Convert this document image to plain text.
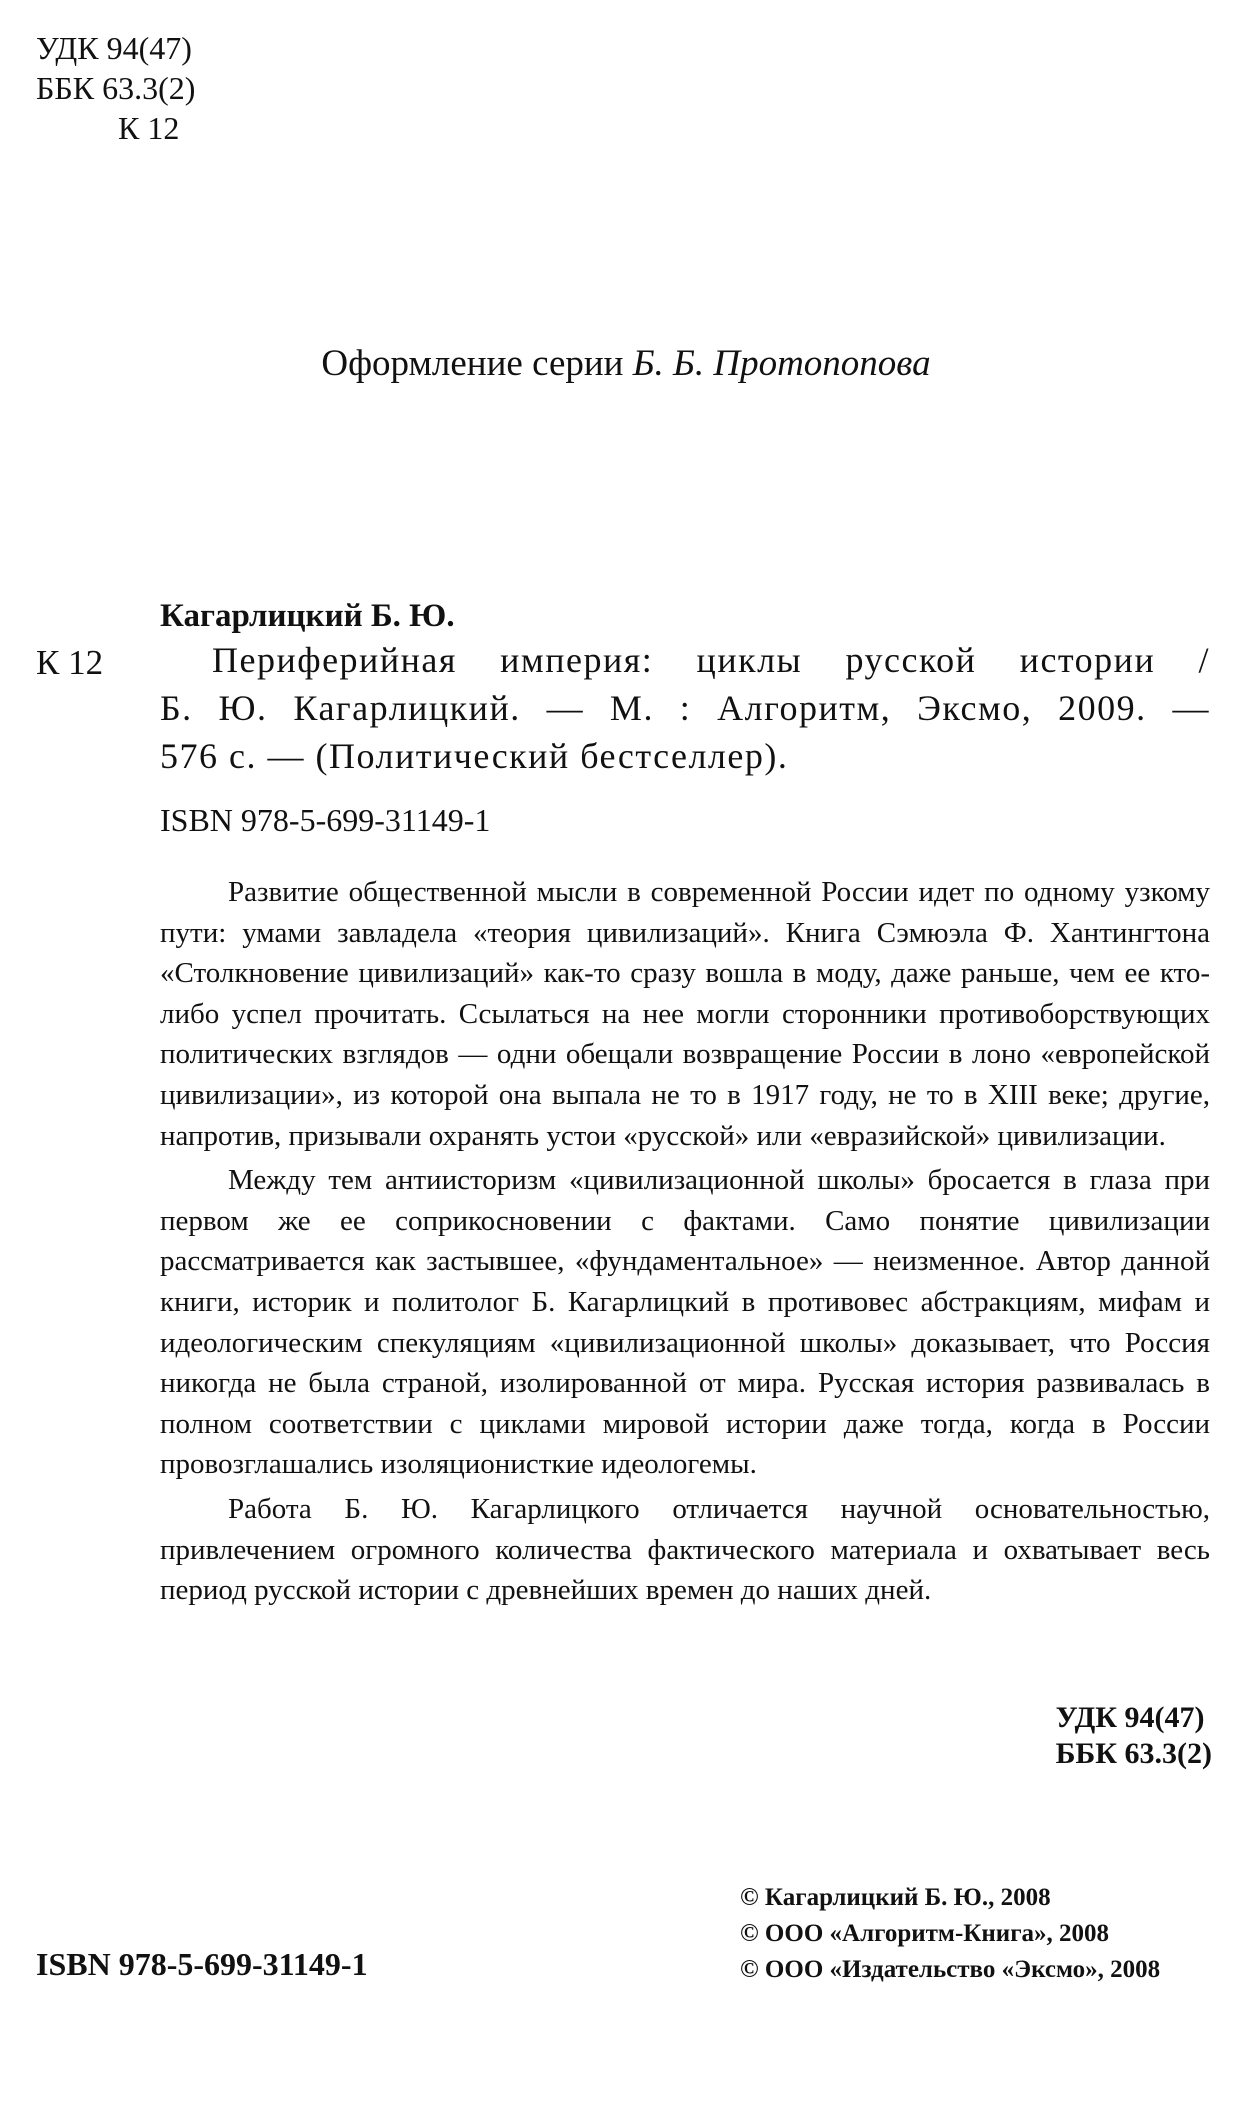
УДК 94(47)
ББК 63.3(2)
К 12
Оформление серии Б. Б. Протопопова
Кагарлицкий Б. Ю.
К 12	Периферийная империя: циклы русской истории /
Б. Ю. Кагарлицкий. — М. : Алгоритм, Эксмо, 2009. —
576 с. — (Политический бестселлер).
ISBN 978-5-699-31149-1

Развитие общественной мысли в современной России идет по одному узкому пути: умами завладела «теория цивилизаций». Книга Сэмюэла Ф. Хантингтона «Столкновение цивилизаций» как-то сразу вошла в моду, даже раньше, чем ее кто-либо успел прочитать. Ссылаться на нее могли сторонники противоборствующих политических взглядов — одни обещали возвращение России в лоно «европейской цивилизации», из которой она выпала не то в 1917 году, не то в XIII веке; другие, напротив, призывали охранять устои «русской» или «евразийской» цивилизации.

Между тем антиисторизм «цивилизационной школы» бросается в глаза при первом же ее соприкосновении с фактами. Само понятие цивилизации рассматривается как застывшее, «фундаментальное» — неизменное. Автор данной книги, историк и политолог Б. Кагарлицкий в противовес абстракциям, мифам и идеологическим спекуляциям «цивилизационной школы» доказывает, что Россия никогда не была страной, изолированной от мира. Русская история развивалась в полном соответствии с циклами мировой истории даже тогда, когда в России провозглашались изоляционисткие идеологемы.

Работа Б. Ю. Кагарлицкого отличается научной основательностью, привлечением огромного количества фактического материала и охватывает весь период русской истории с древнейших времен до наших дней.

УДК 94(47)
ББК 63.3(2)
© Кагарлицкий Б. Ю., 2008
© ООО «Алгоритм-Книга», 2008
© ООО «Издательство «Эксмо», 2008
ISBN 978-5-699-31149-1
